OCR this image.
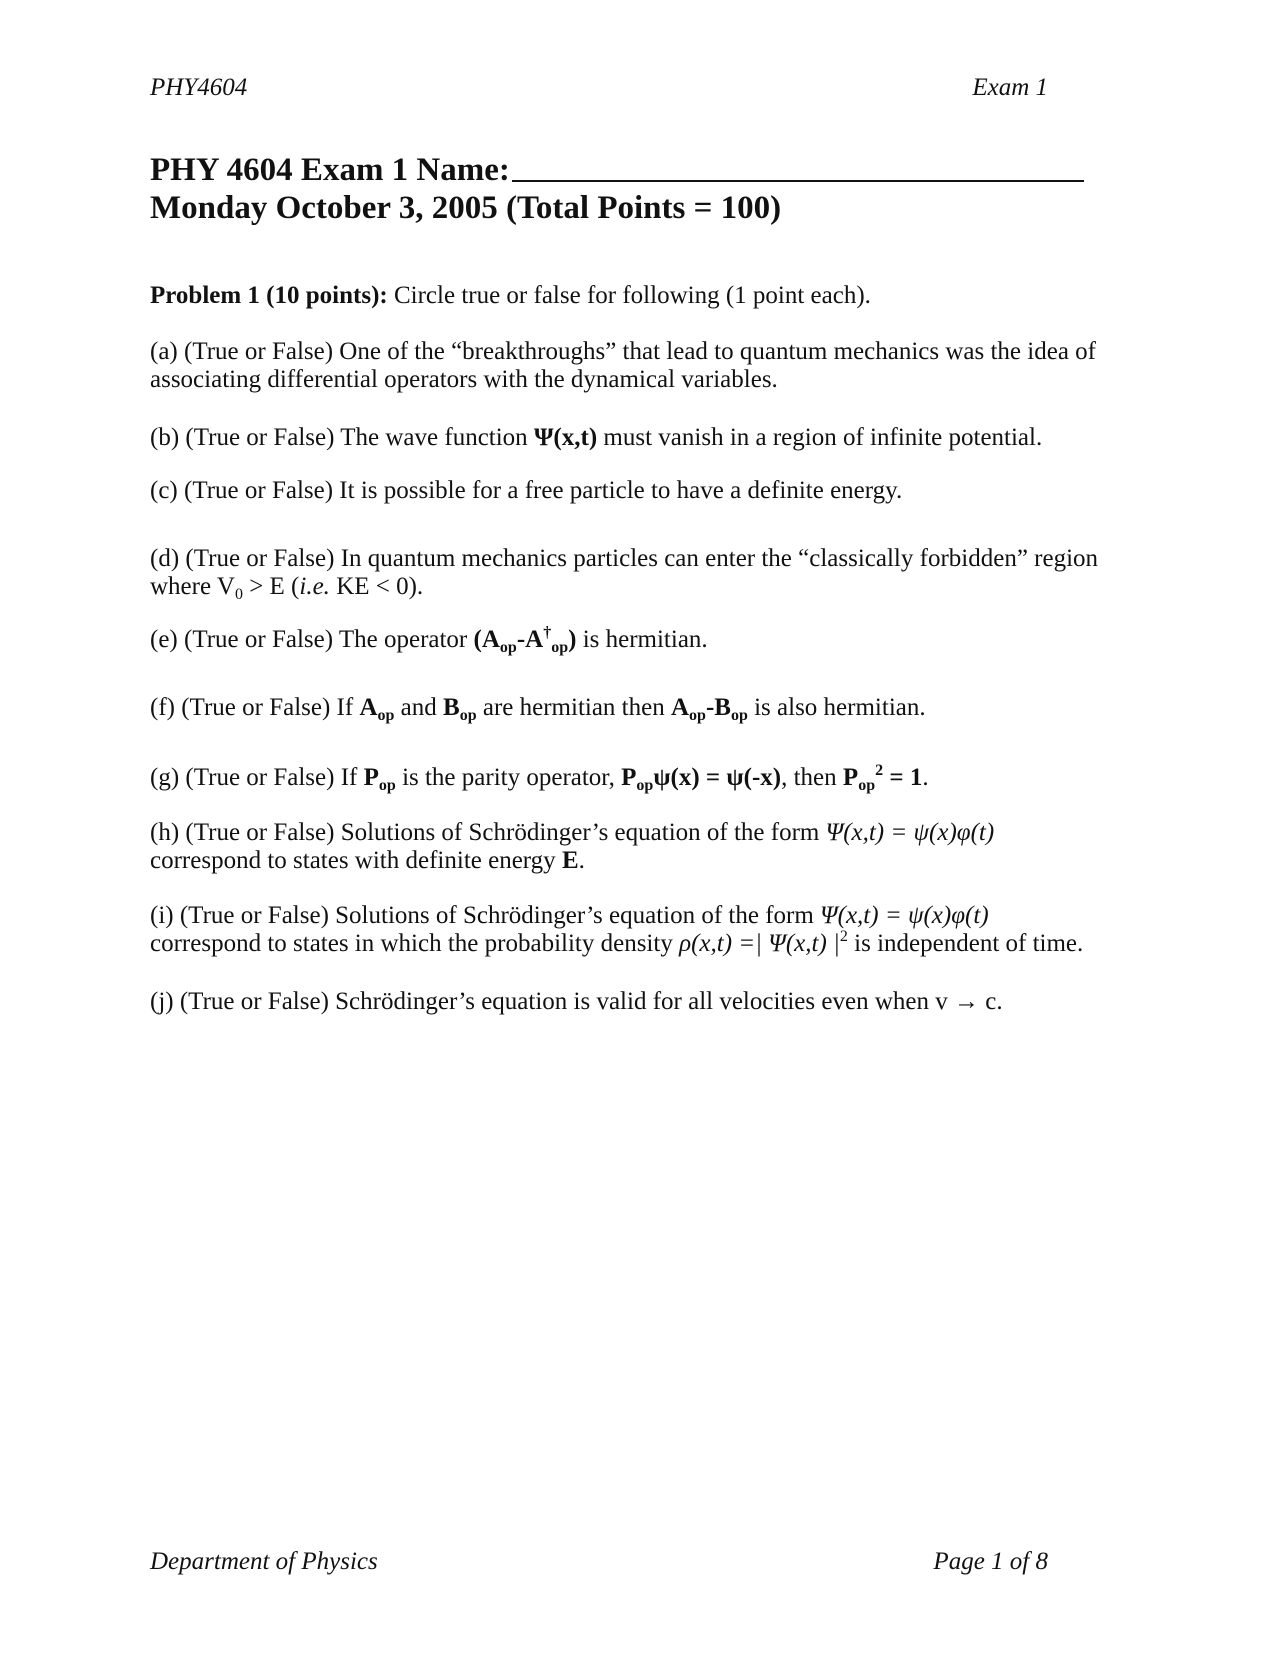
PHY4604	Exam 1
PHY 4604 Exam 1 Name:
Monday October 3, 2005 (Total Points = 100)

Problem 1 (10 points): Circle true or false for following (1 point each).

(a) (True or False) One of the “breakthroughs” that lead to quantum mechanics was the idea of associating differential operators with the dynamical variables.

(b) (True or False) The wave function Ψ(x,t) must vanish in a region of infinite potential.

(c) (True or False) It is possible for a free particle to have a definite energy.

(d) (True or False) In quantum mechanics particles can enter the “classically forbidden” region where $V_0 > E$ (i.e. KE < 0).

(e) (True or False) The operator $(A_{op}-A^\dagger_{op})$ is hermitian.

(f) (True or False) If $A_{op}$ and $B_{op}$ are hermitian then $A_{op}-B_{op}$ is also hermitian.

(g) (True or False) If $P_{op}$ is the parity operator, $P_{op}\psi(x) = \psi(-x)$, then $P_{op}^2 = 1$.

(h) (True or False) Solutions of Schrödinger’s equation of the form Ψ(x,t) = ψ(x)φ(t)
correspond to states with definite energy E.

(i) (True or False) Solutions of Schrödinger’s equation of the form Ψ(x,t) = ψ(x)φ(t)
correspond to states in which the probability density ρ(x,t) =| Ψ(x,t) $|^2$ is independent of time.

(j) (True or False) Schrödinger’s equation is valid for all velocities even when v → c.

Department of Physics	Page 1 of 8
